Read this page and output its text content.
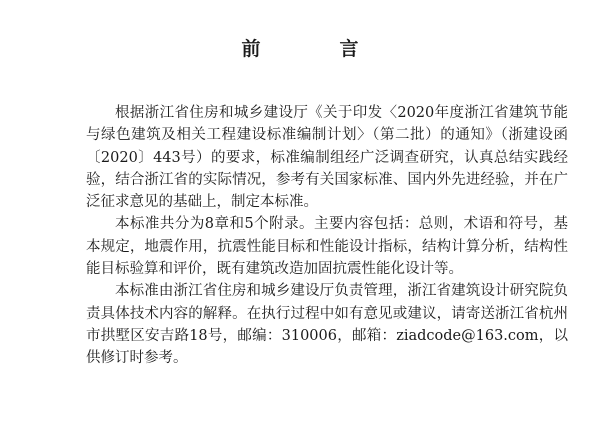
前　言

根据浙江省住房和城乡建设厅《关于印发〈2020年度浙江省建筑节能与绿色建筑及相关工程建设标准编制计划〉（第二批）的通知》（浙建设函〔2020〕443号）的要求，标准编制组经广泛调查研究，认真总结实践经验，结合浙江省的实际情况，参考有关国家标准、国内外先进经验，并在广泛征求意见的基础上，制定本标准。

本标准共分为8章和5个附录。主要内容包括：总则，术语和符号，基本规定，地震作用，抗震性能目标和性能设计指标，结构计算分析，结构性能目标验算和评价，既有建筑改造加固抗震性能化设计等。

本标准由浙江省住房和城乡建设厅负责管理，浙江省建筑设计研究院负责具体技术内容的解释。在执行过程中如有意见或建议，请寄送浙江省杭州市拱墅区安吉路18号，邮编：310006，邮箱：ziadcode@163.com，以供修订时参考。
